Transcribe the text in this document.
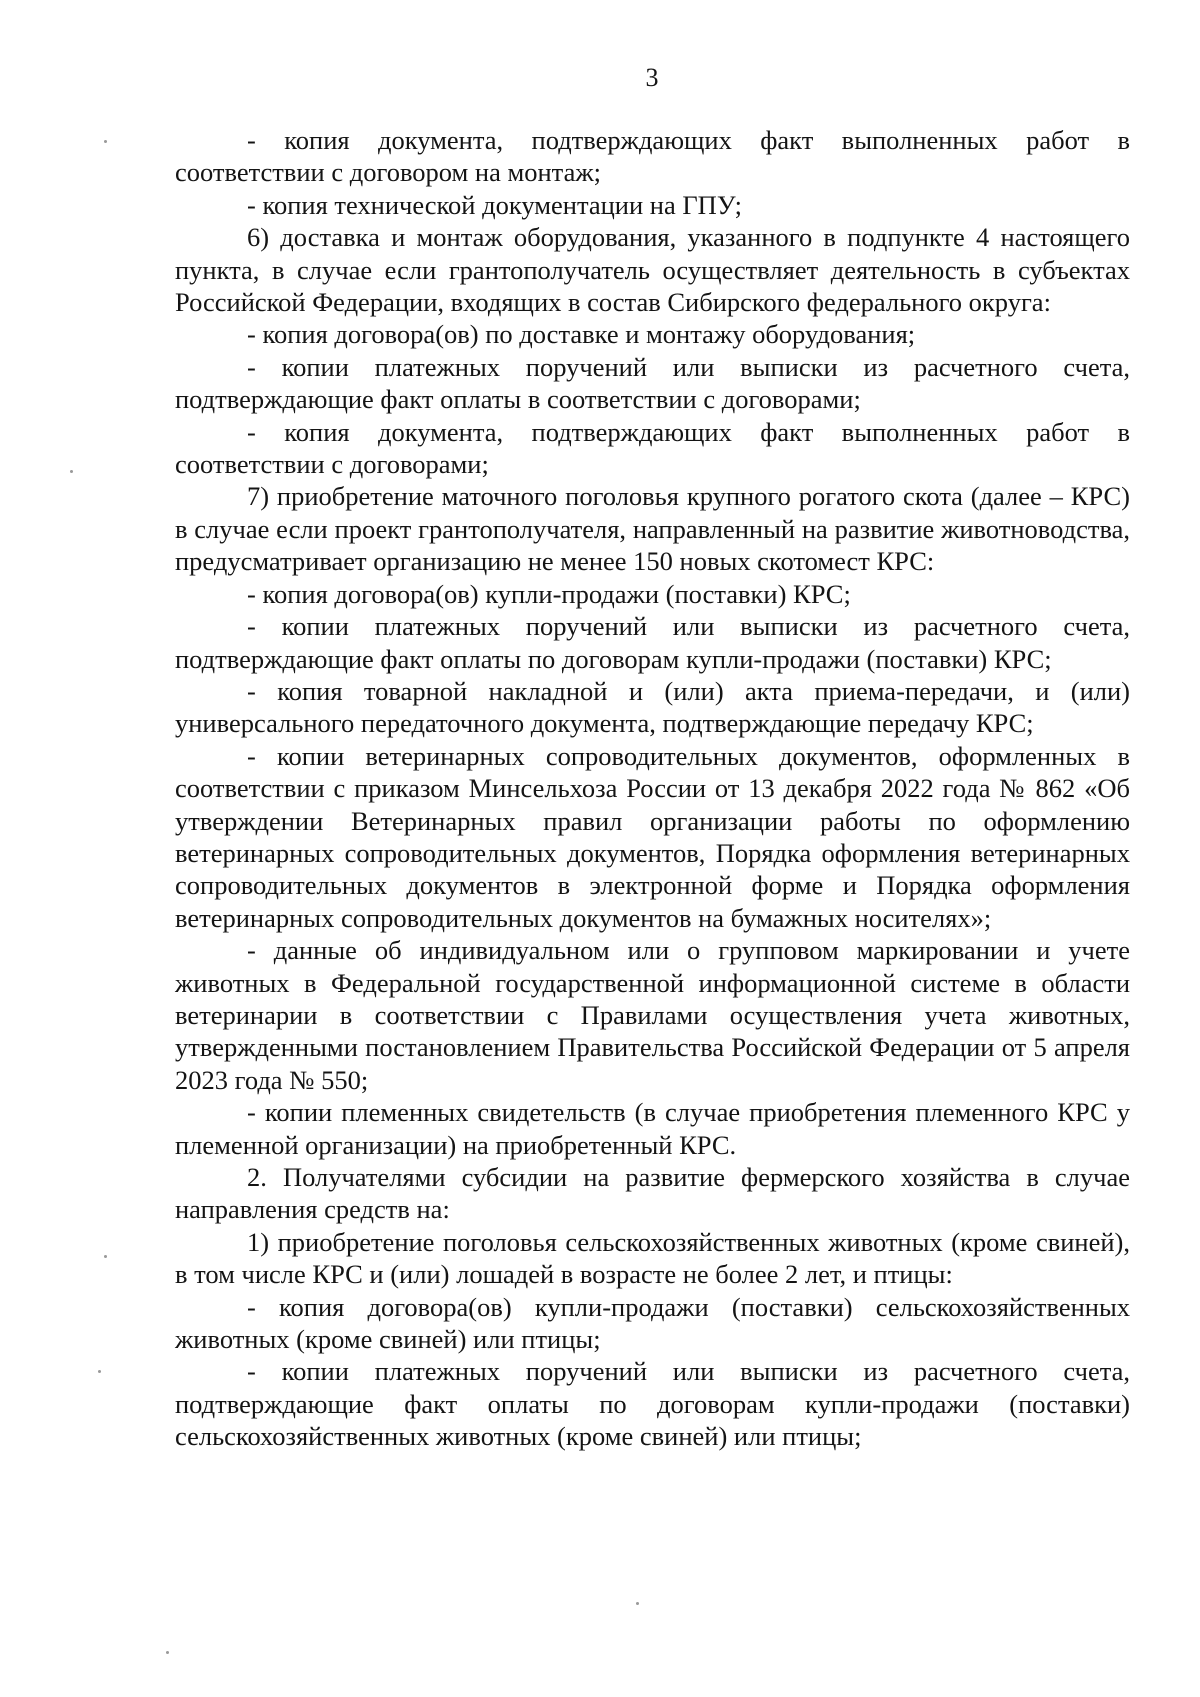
3

- копия документа, подтверждающих факт выполненных работ в соответствии с договором на монтаж;

- копия технической документации на ГПУ;

6) доставка и монтаж оборудования, указанного в подпункте 4 настоящего пункта, в случае если грантополучатель осуществляет деятельность в субъектах Российской Федерации, входящих в состав Сибирского федерального округа:

- копия договора(ов) по доставке и монтажу оборудования;

- копии платежных поручений или выписки из расчетного счета, подтверждающие факт оплаты в соответствии с договорами;

- копия документа, подтверждающих факт выполненных работ в соответствии с договорами;

7) приобретение маточного поголовья крупного рогатого скота (далее – КРС) в случае если проект грантополучателя, направленный на развитие животноводства, предусматривает организацию не менее 150 новых скотомест КРС:

- копия договора(ов) купли-продажи (поставки) КРС;

- копии платежных поручений или выписки из расчетного счета, подтверждающие факт оплаты по договорам купли-продажи (поставки) КРС;

- копия товарной накладной и (или) акта приема-передачи, и (или) универсального передаточного документа, подтверждающие передачу КРС;

- копии ветеринарных сопроводительных документов, оформленных в соответствии с приказом Минсельхоза России от 13 декабря 2022 года № 862 «Об утверждении Ветеринарных правил организации работы по оформлению ветеринарных сопроводительных документов, Порядка оформления ветеринарных сопроводительных документов в электронной форме и Порядка оформления ветеринарных сопроводительных документов на бумажных носителях»;

- данные об индивидуальном или о групповом маркировании и учете животных в Федеральной государственной информационной системе в области ветеринарии в соответствии с Правилами осуществления учета животных, утвержденными постановлением Правительства Российской Федерации от 5 апреля 2023 года № 550;

- копии племенных свидетельств (в случае приобретения племенного КРС у племенной организации) на приобретенный КРС.

2. Получателями субсидии на развитие фермерского хозяйства в случае направления средств на:

1) приобретение поголовья сельскохозяйственных животных (кроме свиней), в том числе КРС и (или) лошадей в возрасте не более 2 лет, и птицы:

- копия договора(ов) купли-продажи (поставки) сельскохозяйственных животных (кроме свиней) или птицы;

- копии платежных поручений или выписки из расчетного счета, подтверждающие факт оплаты по договорам купли-продажи (поставки) сельскохозяйственных животных (кроме свиней) или птицы;
